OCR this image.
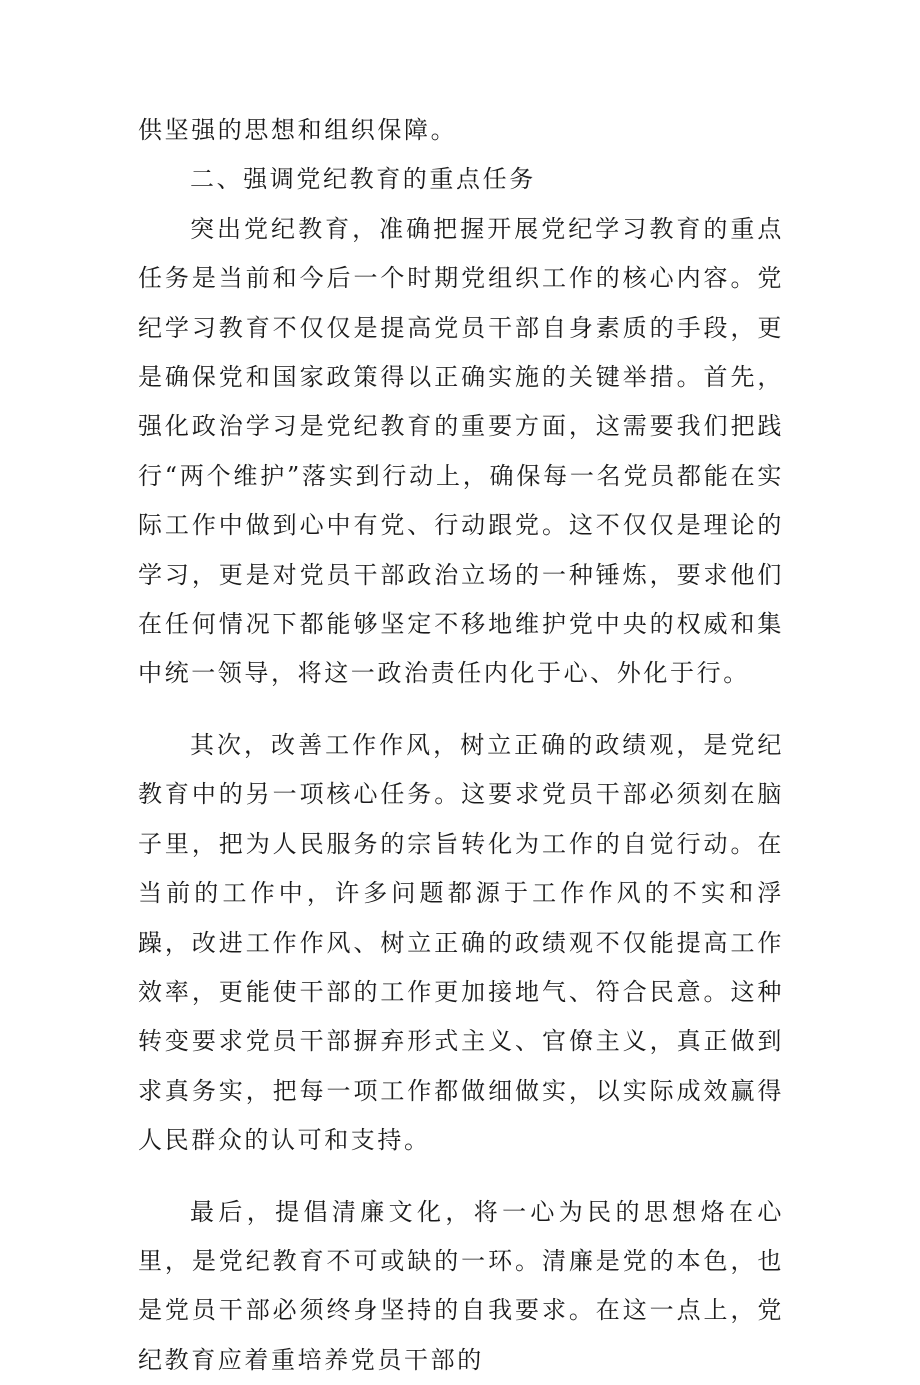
供坚强的思想和组织保障。

二、强调党纪教育的重点任务

突出党纪教育，准确把握开展党纪学习教育的重点任务是当前和今后一个时期党组织工作的核心内容。党纪学习教育不仅仅是提高党员干部自身素质的手段，更是确保党和国家政策得以正确实施的关键举措。首先，强化政治学习是党纪教育的重要方面，这需要我们把践行“两个维护”落实到行动上，确保每一名党员都能在实际工作中做到心中有党、行动跟党。这不仅仅是理论的学习，更是对党员干部政治立场的一种锤炼，要求他们在任何情况下都能够坚定不移地维护党中央的权威和集中统一领导，将这一政治责任内化于心、外化于行。

其次，改善工作作风，树立正确的政绩观，是党纪教育中的另一项核心任务。这要求党员干部必须刻在脑子里，把为人民服务的宗旨转化为工作的自觉行动。在当前的工作中，许多问题都源于工作作风的不实和浮躁，改进工作作风、树立正确的政绩观不仅能提高工作效率，更能使干部的工作更加接地气、符合民意。这种转变要求党员干部摒弃形式主义、官僚主义，真正做到求真务实，把每一项工作都做细做实，以实际成效赢得人民群众的认可和支持。

最后，提倡清廉文化，将一心为民的思想烙在心里，是党纪教育不可或缺的一环。清廉是党的本色，也是党员干部必须终身坚持的自我要求。在这一点上，党纪教育应着重培养党员干部的
